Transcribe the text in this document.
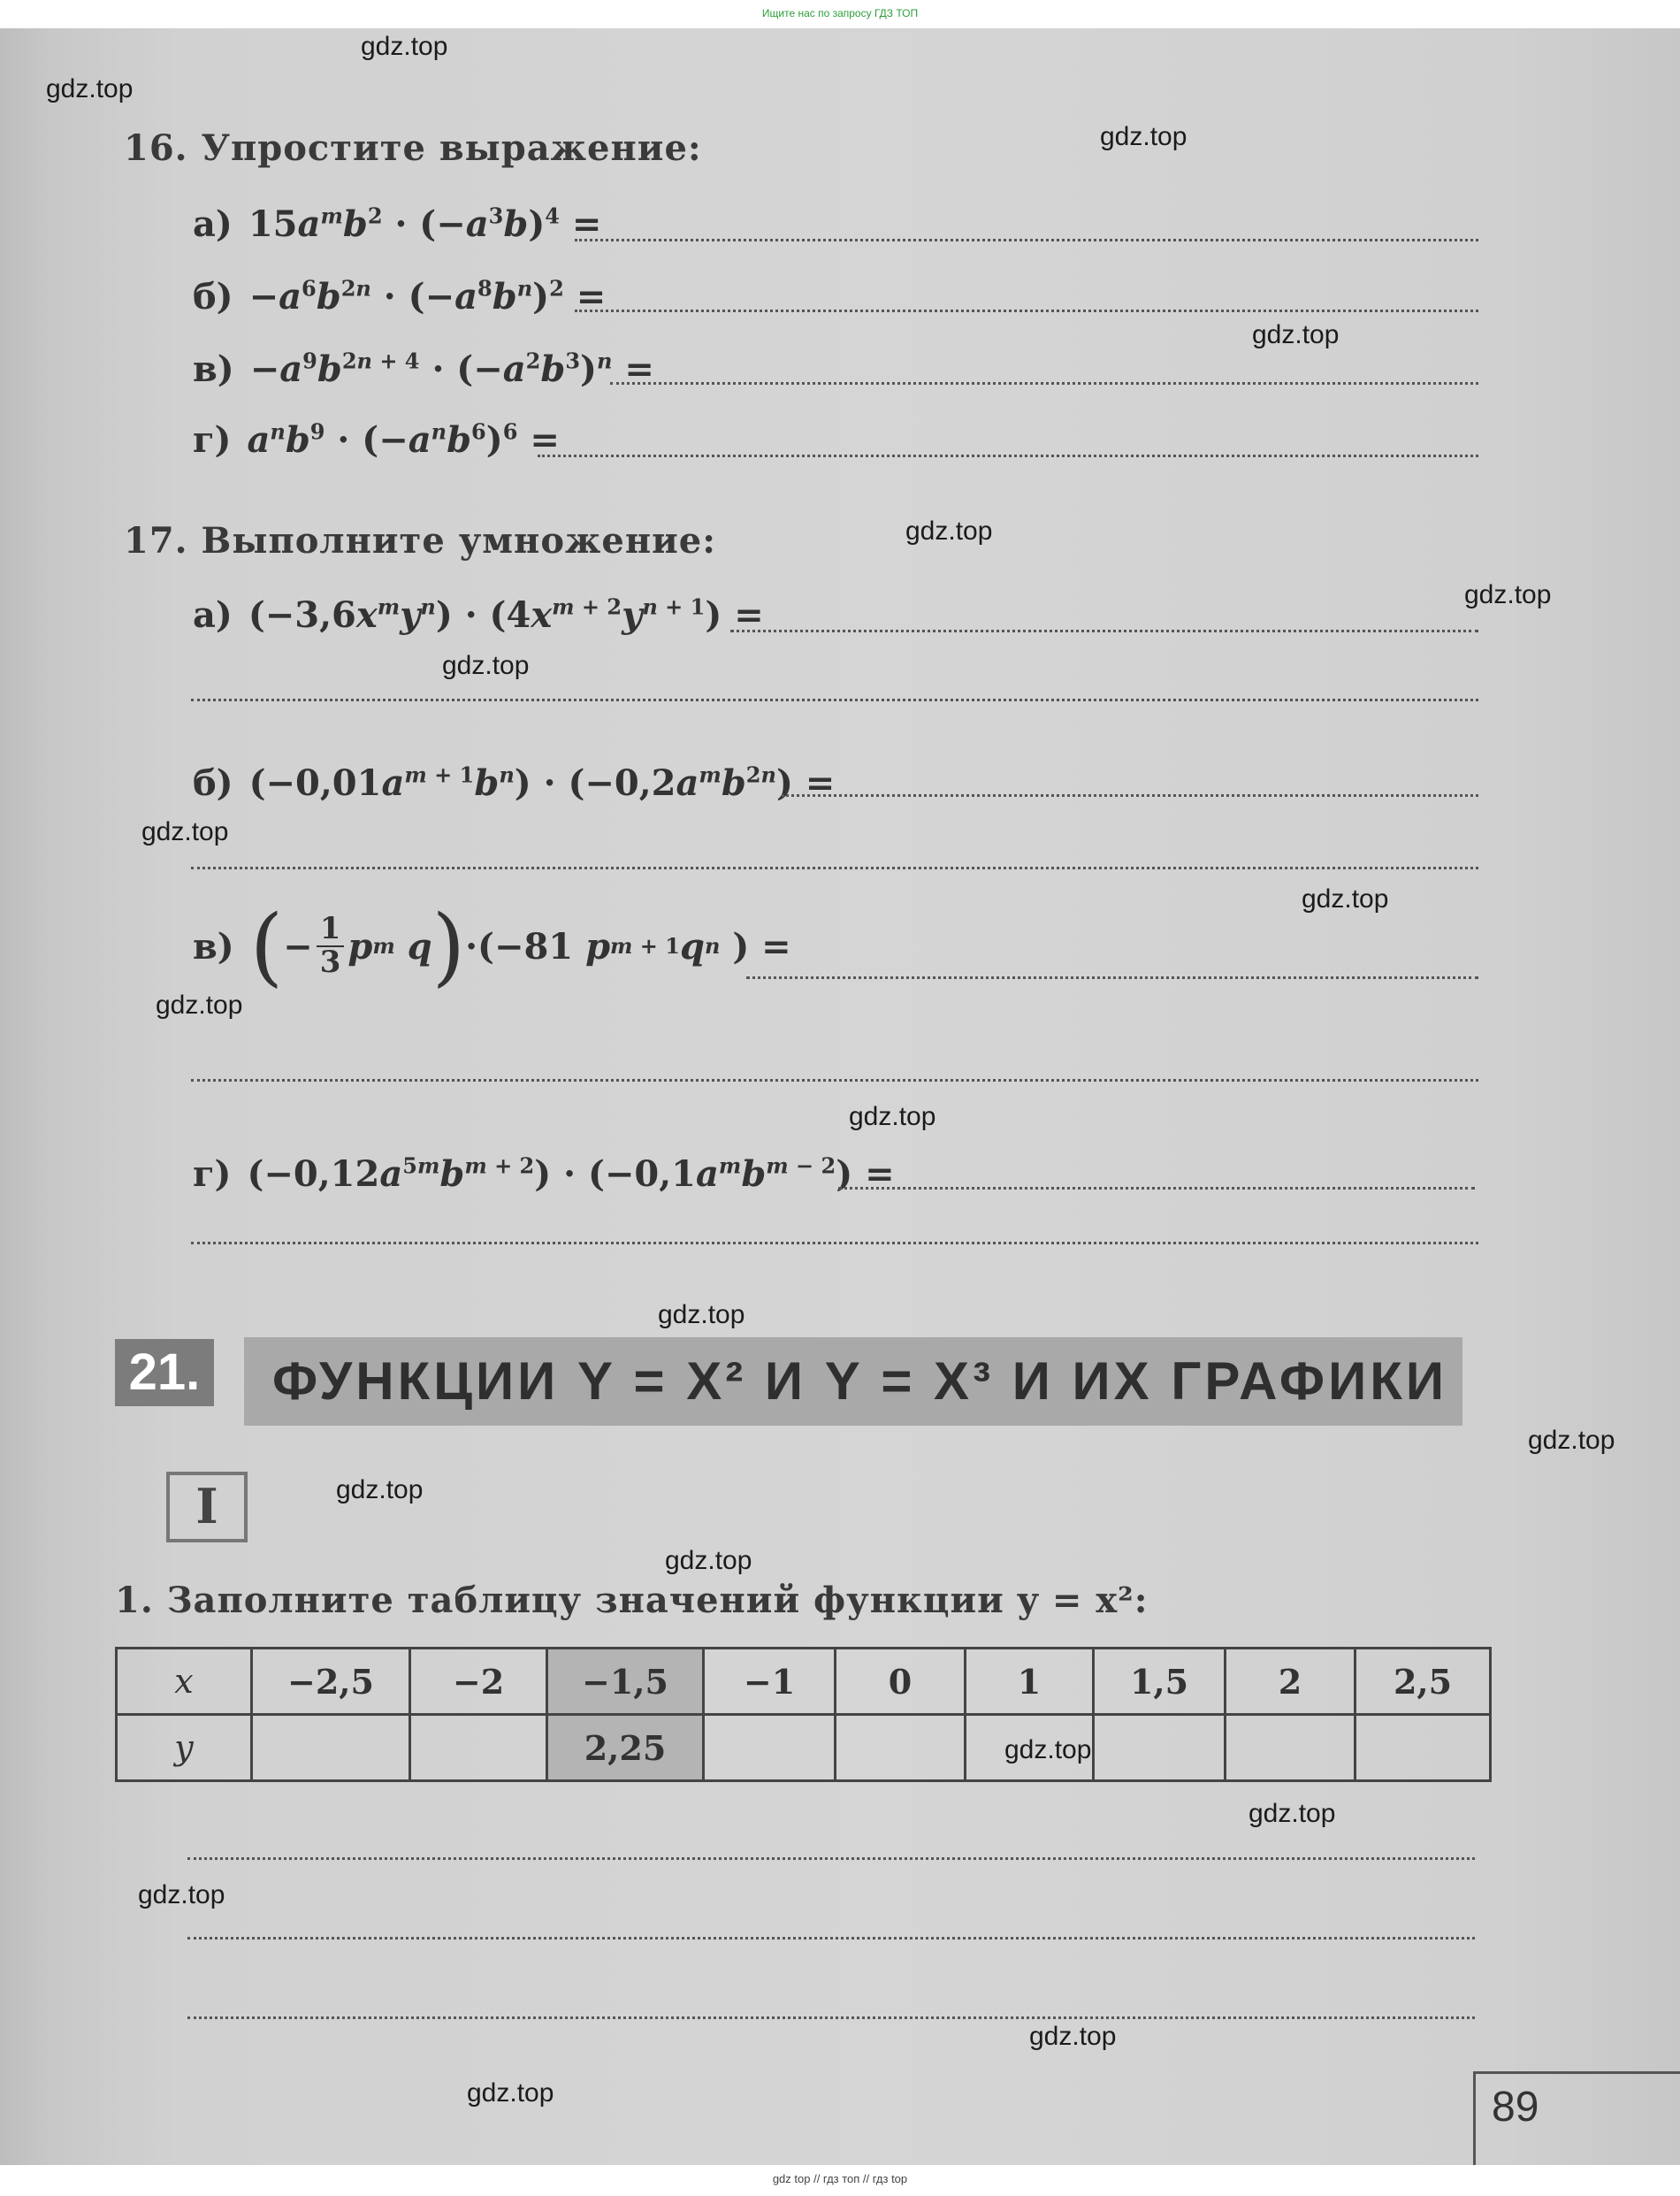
Ищите нас по запросу ГДЗ ТОП
16. Упростите выражение:
а) $15a^mb^2 \cdot (-a^3b)^4$ =
$б) -a^6b^{2n} \cdot (-a^8b^n)^2$ =
$в) -a^9b^{2n + 4} \cdot (-a^2b^3)^n$ =
г) $a^nb^9 \cdot (-a^nb^6)^6$ =
17. Выполните умножение:
а) $(-3,6x^my^n) \cdot (4x^{m + 2}y^{n + 1})$ =
б) $(-0,01a^{m + 1}b^n) \cdot (-0,2a^mb^{2n})$ =
в) ( − $\frac{1}{3}$ p m
q ) ·(−81 p m + 1 q n ) =
г) $(-0,12a^{5m}b^{m + 2}) \cdot (-0,1a^mb^{m - 2})$ =
21.	ФУНКЦИИ Y = X² И Y = X³ И ИХ ГРАФИКИ
I
1. Заполните таблицу значений функции y = x²:
x	−2,5	−2	−1,5	−1	0	1	1,5	2	2,5
y			2,25						
89
gdz.top
gdz.top
gdz.top
gdz.top
gdz.top
gdz.top
gdz.top
gdz.top
gdz.top
gdz.top
gdz.top
gdz.top
gdz.top
gdz.top
gdz.top
gdz.top
gdz.top
gdz.top
gdz.top
gdz.top
gdz top // гдз топ // гдз top
